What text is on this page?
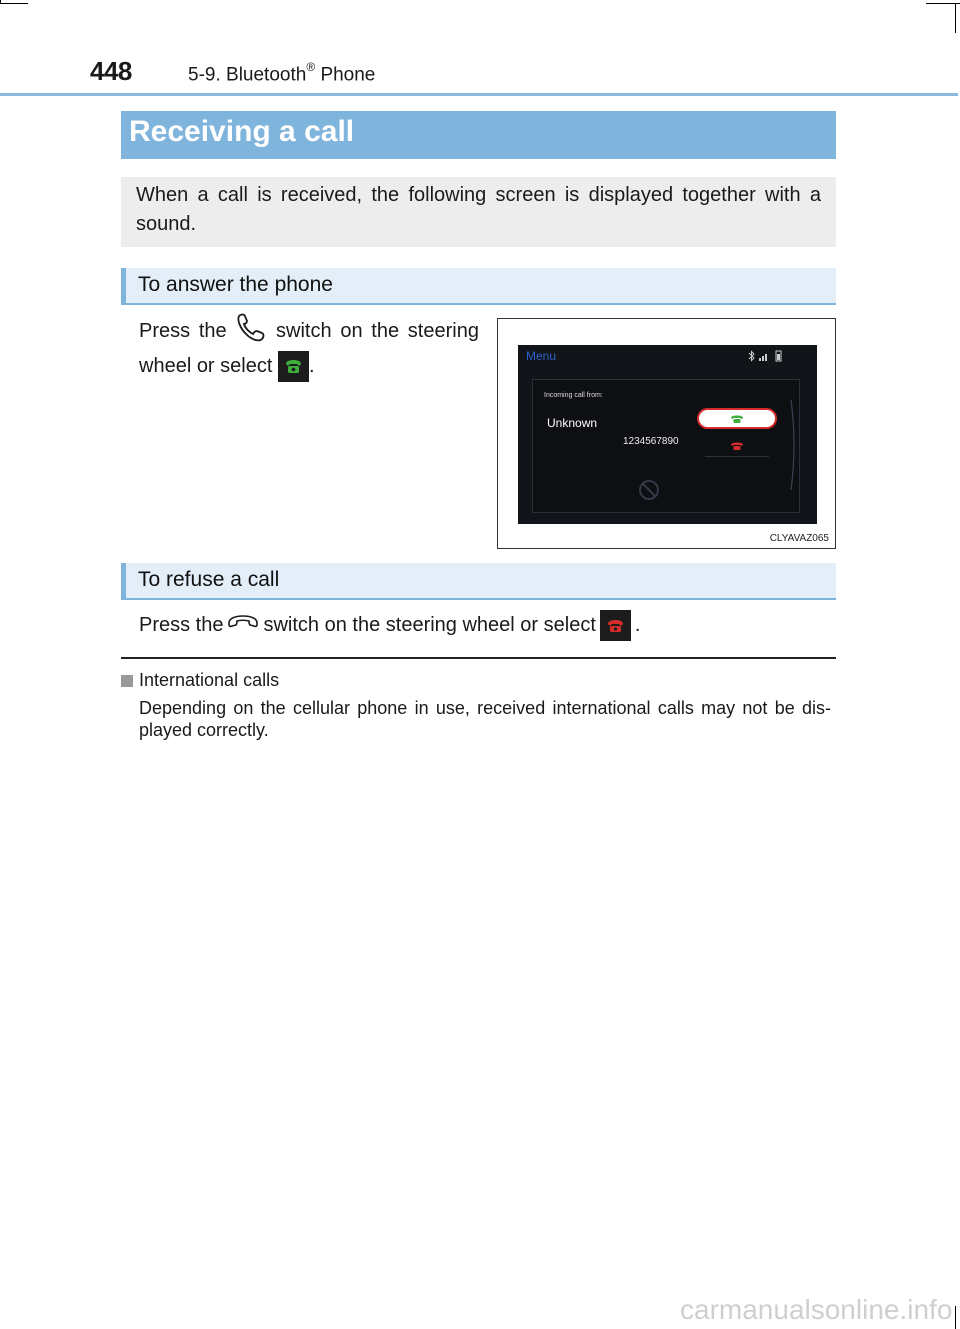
448	5-9. Bluetooth® Phone
Receiving a call
When a call is received, the following screen is displayed together with a sound.
To answer the phone
Press the switch on the steering
wheel or select .	Menu
Incoming call from:
Unknown
1234567890
CLYAVAZ065
To refuse a call
Press the switch on the steering wheel or select .
International calls
Depending on the cellular phone in use, received international calls may not be dis-played correctly.
carmanualsonline.info
